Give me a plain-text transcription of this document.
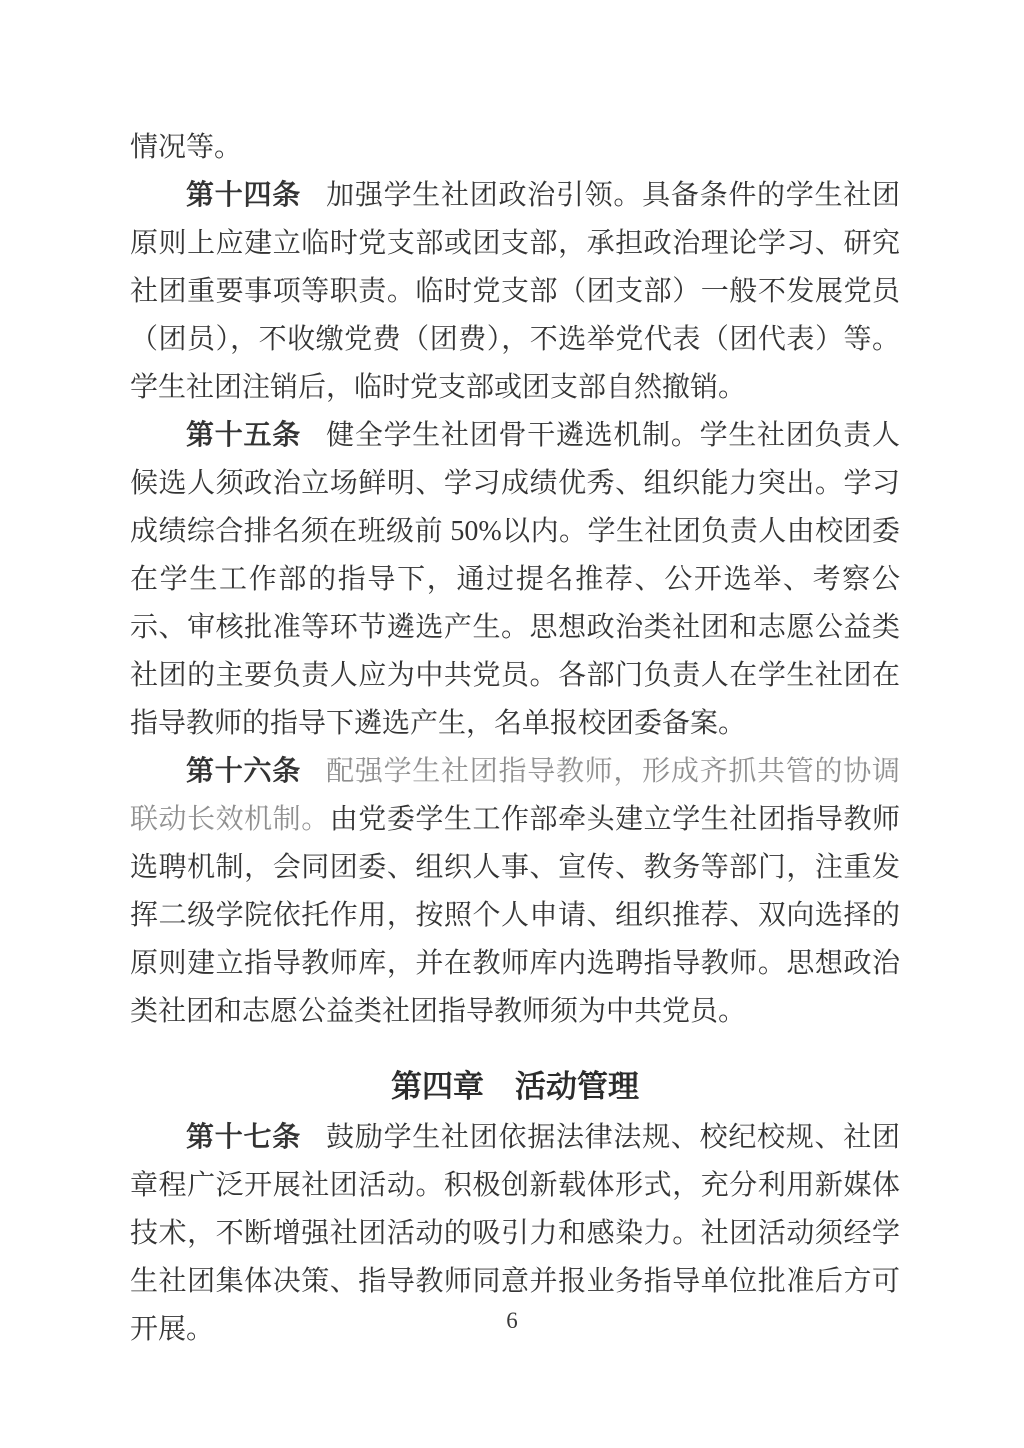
情况等。

第十四条 加强学生社团政治引领。具备条件的学生社团原则上应建立临时党支部或团支部，承担政治理论学习、研究社团重要事项等职责。临时党支部（团支部）一般不发展党员（团员），不收缴党费（团费），不选举党代表（团代表）等。学生社团注销后，临时党支部或团支部自然撤销。

第十五条 健全学生社团骨干遴选机制。学生社团负责人候选人须政治立场鲜明、学习成绩优秀、组织能力突出。学习成绩综合排名须在班级前 50%以内。学生社团负责人由校团委在学生工作部的指导下，通过提名推荐、公开选举、考察公示、审核批准等环节遴选产生。思想政治类社团和志愿公益类社团的主要负责人应为中共党员。各部门负责人在学生社团在指导教师的指导下遴选产生，名单报校团委备案。

第十六条 配强学生社团指导教师，形成齐抓共管的协调联动长效机制。由党委学生工作部牵头建立学生社团指导教师选聘机制，会同团委、组织人事、宣传、教务等部门，注重发挥二级学院依托作用，按照个人申请、组织推荐、双向选择的原则建立指导教师库，并在教师库内选聘指导教师。思想政治类社团和志愿公益类社团指导教师须为中共党员。

第四章　活动管理

第十七条 鼓励学生社团依据法律法规、校纪校规、社团章程广泛开展社团活动。积极创新载体形式，充分利用新媒体技术，不断增强社团活动的吸引力和感染力。社团活动须经学生社团集体决策、指导教师同意并报业务指导单位批准后方可开展。	6
